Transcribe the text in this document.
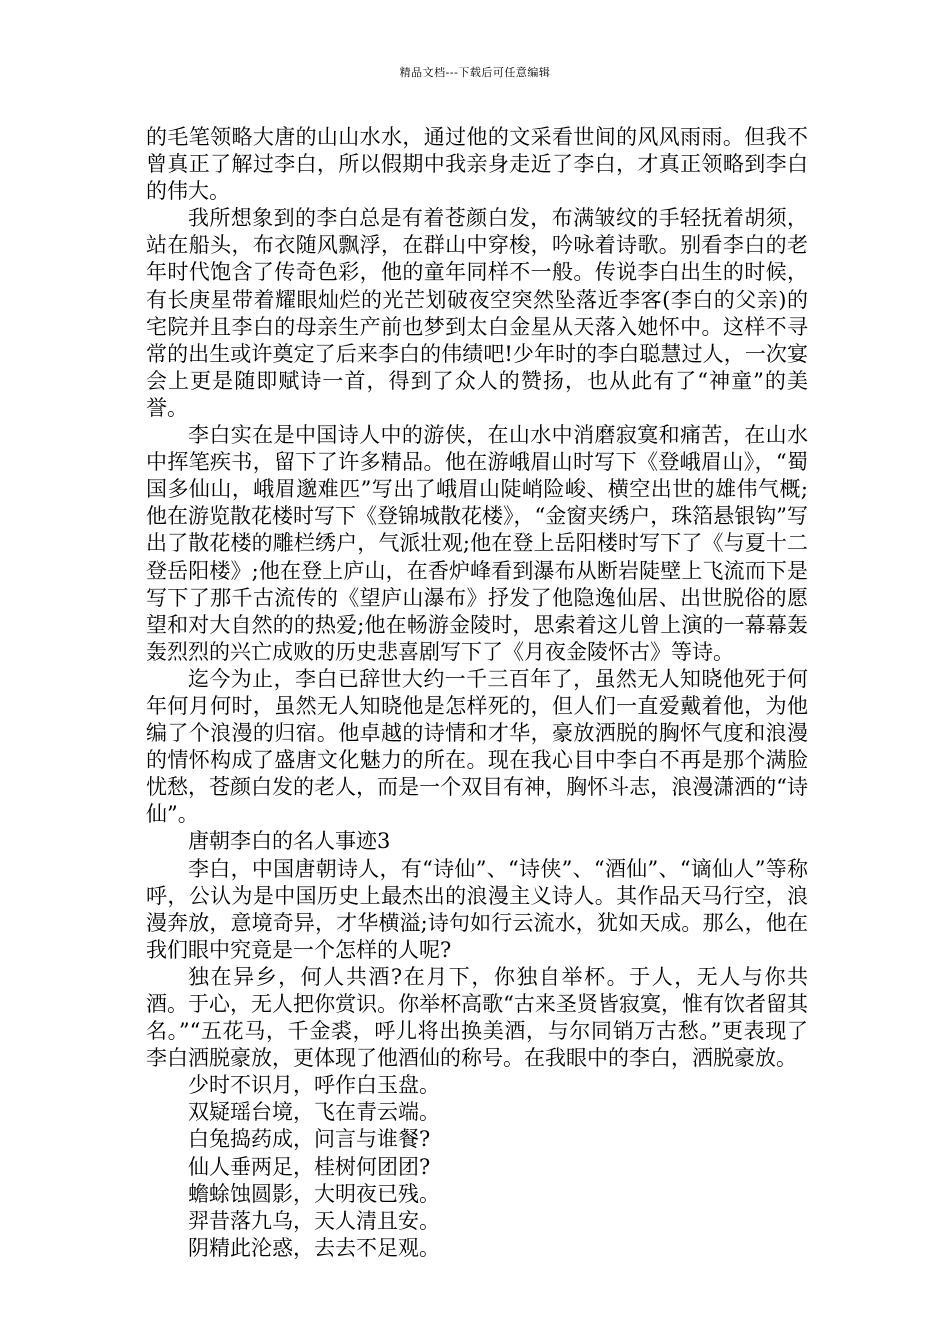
精品文档---下载后可任意编辑

的毛笔领略大唐的山山水水，通过他的文采看世间的风风雨雨。但我不曾真正了解过李白，所以假期中我亲身走近了李白，才真正领略到李白的伟大。

我所想象到的李白总是有着苍颜白发，布满皱纹的手轻抚着胡须，站在船头，布衣随风飘浮，在群山中穿梭，吟咏着诗歌。别看李白的老年时代饱含了传奇色彩，他的童年同样不一般。传说李白出生的时候，有长庚星带着耀眼灿烂的光芒划破夜空突然坠落近李客(李白的父亲)的宅院并且李白的母亲生产前也梦到太白金星从天落入她怀中。这样不寻常的出生或许奠定了后来李白的伟绩吧!少年时的李白聪慧过人，一次宴会上更是随即赋诗一首，得到了众人的赞扬，也从此有了“神童”的美誉。

李白实在是中国诗人中的游侠，在山水中消磨寂寞和痛苦，在山水中挥笔疾书，留下了许多精品。他在游峨眉山时写下《登峨眉山》，“蜀国多仙山，峨眉邈难匹”写出了峨眉山陡峭险峻、横空出世的雄伟气概;他在游览散花楼时写下《登锦城散花楼》，“金窗夹绣户，珠箔悬银钩”写出了散花楼的雕栏绣户，气派壮观;他在登上岳阳楼时写下了《与夏十二登岳阳楼》;他在登上庐山，在香炉峰看到瀑布从断岩陡壁上飞流而下是写下了那千古流传的《望庐山瀑布》抒发了他隐逸仙居、出世脱俗的愿望和对大自然的的热爱;他在畅游金陵时，思索着这儿曾上演的一幕幕轰轰烈烈的兴亡成败的历史悲喜剧写下了《月夜金陵怀古》等诗。

迄今为止，李白已辞世大约一千三百年了，虽然无人知晓他死于何年何月何时，虽然无人知晓他是怎样死的，但人们一直爱戴着他，为他编了个浪漫的归宿。他卓越的诗情和才华，豪放洒脱的胸怀气度和浪漫的情怀构成了盛唐文化魅力的所在。现在我心目中李白不再是那个满脸忧愁，苍颜白发的老人，而是一个双目有神，胸怀斗志，浪漫潇洒的“诗仙”。

唐朝李白的名人事迹3

李白，中国唐朝诗人，有“诗仙”、“诗侠”、“酒仙”、“谪仙人”等称呼，公认为是中国历史上最杰出的浪漫主义诗人。其作品天马行空，浪漫奔放，意境奇异，才华横溢;诗句如行云流水，犹如天成。那么，他在我们眼中究竟是一个怎样的人呢?

独在异乡，何人共酒?在月下，你独自举杯。于人，无人与你共酒。于心，无人把你赏识。你举杯高歌“古来圣贤皆寂寞，惟有饮者留其名。”“五花马，千金裘，呼儿将出换美酒，与尔同销万古愁。”更表现了李白洒脱豪放，更体现了他酒仙的称号。在我眼中的李白，洒脱豪放。

少时不识月，呼作白玉盘。

双疑瑶台境，飞在青云端。

白兔捣药成，问言与谁餐?

仙人垂两足，桂树何团团?

蟾蜍蚀圆影，大明夜已残。

羿昔落九乌，天人清且安。

阴精此沦惑，去去不足观。
